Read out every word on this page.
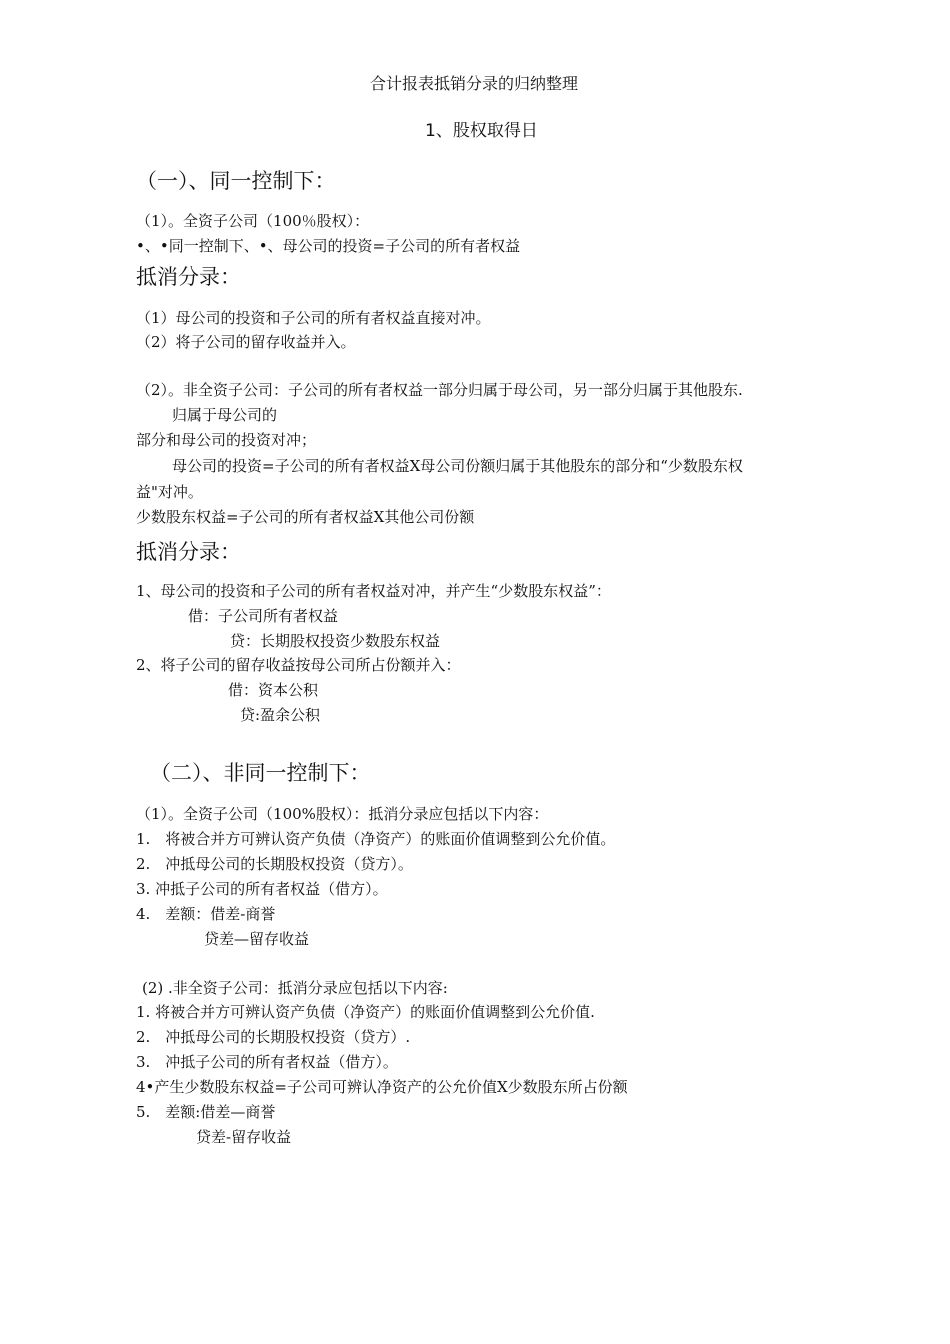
合计报表抵销分录的归纳整理
1、股权取得日
（一）、同一控制下：
（1）。全资子公司（100％股权）：
•、•同一控制下、•、母公司的投资=子公司的所有者权益
抵消分录：
（1）母公司的投资和子公司的所有者权益直接对冲。
（2）将子公司的留存收益并入。
（2）。非全资子公司：子公司的所有者权益一部分归属于母公司，另一部分归属于其他股东.
归属于母公司的
部分和母公司的投资对冲；
母公司的投资=子公司的所有者权益X母公司份额归属于其他股东的部分和“少数股东权
益"对冲。
少数股东权益=子公司的所有者权益X其他公司份额
抵消分录：
1、母公司的投资和子公司的所有者权益对冲，并产生“少数股东权益”：
借：子公司所有者权益
贷：长期股权投资少数股东权益
2、将子公司的留存收益按母公司所占份额并入：
借：资本公积
贷:盈余公积
（二）、非同一控制下：
（1）。全资子公司（100%股权）：抵消分录应包括以下内容：
1.　将被合并方可辨认资产负债（净资产）的账面价值调整到公允价值。
2.　冲抵母公司的长期股权投资（贷方）。
3. 冲抵子公司的所有者权益（借方）。
4.　差额：借差-商誉
贷差—留存收益
(2) .非全资子公司：抵消分录应包括以下内容:
1. 将被合并方可辨认资产负债（净资产）的账面价值调整到公允价值.
2.　冲抵母公司的长期股权投资（贷方）.
3.　冲抵子公司的所有者权益（借方）。
4•产生少数股东权益=子公司可辨认净资产的公允价值X少数股东所占份额
5.　差额:借差—商誉
贷差-留存收益
